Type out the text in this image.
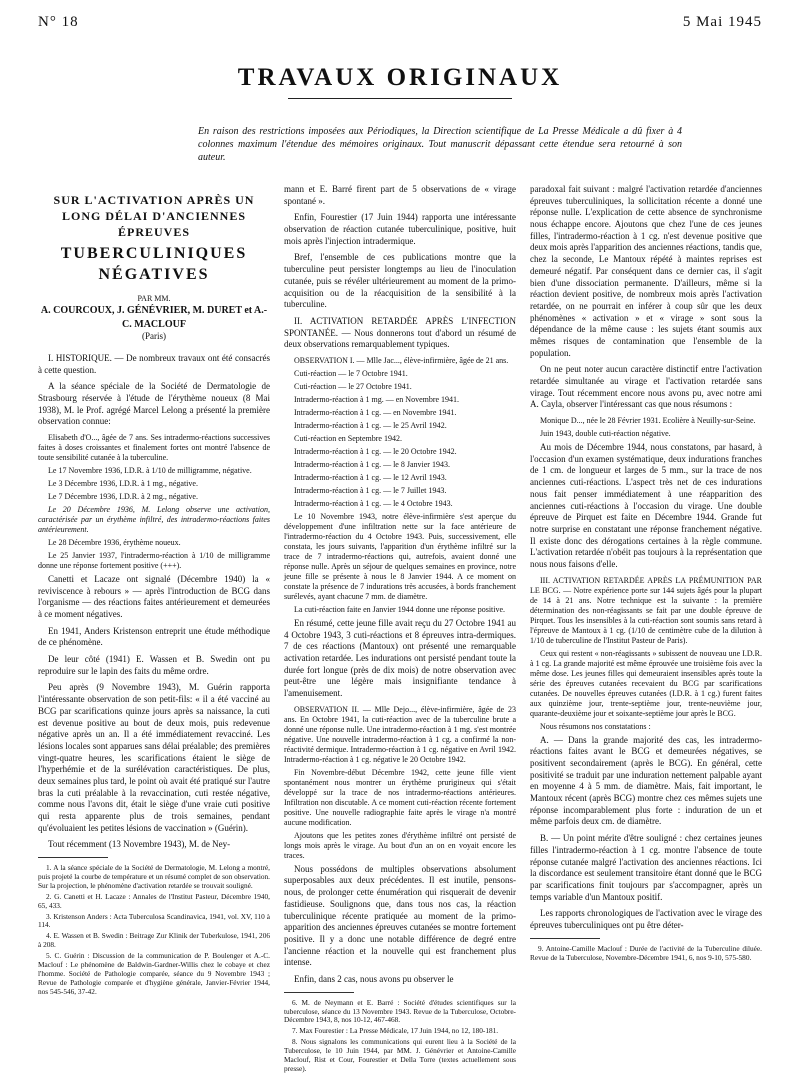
N° 18	5 Mai 1945
TRAVAUX ORIGINAUX
En raison des restrictions imposées aux Périodiques, la Direction scientifique de La Presse Médicale a dû fixer à 4 colonnes maximum l'étendue des mémoires originaux. Tout manuscrit dépassant cette étendue sera retourné à son auteur.
SUR L'ACTIVATION APRÈS UN LONG DÉLAI D'ANCIENNES ÉPREUVES
TUBERCULINIQUES NÉGATIVES
PAR MM.
A. COURCOUX, J. GÉNÉVRIER, M. DURET et A.-C. MACLOUF
(Paris)

I. HISTORIQUE. — De nombreux travaux ont été consacrés à cette question.

A la séance spéciale de la Société de Dermatologie de Strasbourg réservée à l'étude de l'érythème noueux (8 Mai 1938), M. le Prof. agrégé Marcel Lelong a présenté la première observation connue:

Elisabeth d'O..., âgée de 7 ans. Ses intradermo-réactions successives faites à doses croissantes et finalement fortes ont montré l'absence de toute sensibilité cutanée à la tuberculine.

Le 17 Novembre 1936, I.D.R. à 1/10 de milligramme, négative.

Le 3 Décembre 1936, I.D.R. à 1 mg., négative.

Le 7 Décembre 1936, I.D.R. à 2 mg., négative.

Le 20 Décembre 1936, M. Lelong observe une activation, caractérisée par un érythème infiltré, des intradermo-réactions faites antérieurement.

Le 28 Décembre 1936, érythème noueux.

Le 25 Janvier 1937, l'intradermo-réaction à 1/10 de milligramme donne une réponse fortement positive (+++).

Canetti et Lacaze ont signalé (Décembre 1940) la « reviviscence à rebours » — après l'introduction de BCG dans l'organisme — des réactions faites antérieurement et demeurées à ce moment négatives.

En 1941, Anders Kristenson entreprit une étude méthodique de ce phénomène.

De leur côté (1941) E. Wassen et B. Swedin ont pu reproduire sur le lapin des faits du même ordre.

Peu après (9 Novembre 1943), M. Guérin rapporta l'intéressante observation de son petit-fils: « il a été vacciné au BCG par scarifications quinze jours après sa naissance, la cuti est devenue positive au bout de deux mois, puis redevenue négative après un an. Il a été immédiatement revacciné. Les lésions locales sont apparues sans délai préalable; des premières vingt-quatre heures, les scarifications étaient le siège de l'hyperhémie et de la surélévation caractéristiques. De plus, deux semaines plus tard, le point où avait été pratiqué sur l'autre bras la cuti préalable à la revaccination, cuti restée négative, comme nous l'avons dit, était le siège d'une vraie cuti positive qui resta apparente plus de trois semaines, pendant qu'évoluaient les petites lésions de vaccination » (Guérin).

Tout récemment (13 Novembre 1943), M. de Ney-

1. A la séance spéciale de la Société de Dermatologie, M. Lelong a montré, puis projeté la courbe de température et un résumé complet de son observation. Sur la projection, le phénomène d'activation retardée se trouvait souligné.

2. G. Canetti et H. Lacaze : Annales de l'Institut Pasteur, Décembre 1940, 65, 433.

3. Kristenson Anders : Acta Tuberculosa Scandinavica, 1941, vol. XV, 110 à 114.

4. E. Wassen et B. Swedin : Beitrage Zur Klinik der Tuberkulose, 1941, 206 à 208.

5. C. Guérin : Discussion de la communication de P. Boulenger et A.-C. Maclouf : Le phénomène de Baldwin-Gardner-Willis chez le cobaye et chez l'homme. Société de Pathologie comparée, séance du 9 Novembre 1943 ; Revue de Pathologie comparée et d'hygiène générale, Janvier-Février 1944, nos 545-546, 37-42.

mann et E. Barré firent part de 5 observations de « virage spontané ».

Enfin, Fourestier (17 Juin 1944) rapporta une intéressante observation de réaction cutanée tuberculinique, positive, huit mois après l'injection intradermique.

Bref, l'ensemble de ces publications montre que la tuberculine peut persister longtemps au lieu de l'inoculation cutanée, puis se révéler ultérieurement au moment de la primo-acquisition ou de la réacquisition de la sensibilité à la tuberculine.

II. ACTIVATION RETARDÉE APRÈS L'INFECTION SPONTANÉE. — Nous donnerons tout d'abord un résumé de deux observations remarquablement typiques.

OBSERVATION I. — Mlle Jac..., élève-infirmière, âgée de 21 ans.

Cuti-réaction — le 7 Octobre 1941.

Cuti-réaction — le 27 Octobre 1941.

Intradermo-réaction à 1 mg. — en Novembre 1941.

Intradermo-réaction à 1 cg. — en Novembre 1941.

Intradermo-réaction à 1 cg. — le 25 Avril 1942.

Cuti-réaction en Septembre 1942.

Intradermo-réaction à 1 cg. — le 20 Octobre 1942.

Intradermo-réaction à 1 cg. — le 8 Janvier 1943.

Intradermo-réaction à 1 cg. — le 12 Avril 1943.

Intradermo-réaction à 1 cg. — le 7 Juillet 1943.

Intradermo-réaction à 1 cg. — le 4 Octobre 1943.

Le 10 Novembre 1943, notre élève-infirmière s'est aperçue du développement d'une infiltration nette sur la face antérieure de l'intradermo-réaction du 4 Octobre 1943. Puis, successivement, elle constata, les jours suivants, l'apparition d'un érythème infiltré sur la trace de 7 intradermo-réactions qui, autrefois, avaient donné une réponse nulle. Après un séjour de quelques semaines en province, notre jeune fille se présente à nous le 8 Janvier 1944. A ce moment on constate la présence de 7 indurations très accusées, à bords franchement surélevés, ayant chacune 7 mm. de diamètre.

La cuti-réaction faite en Janvier 1944 donne une réponse positive.

En résumé, cette jeune fille avait reçu du 27 Octobre 1941 au 4 Octobre 1943, 3 cuti-réactions et 8 épreuves intra-dermiques. 7 de ces réactions (Mantoux) ont présenté une remarquable activation retardée. Les indurations ont persisté pendant toute la durée fort longue (près de dix mois) de notre observation avec peut-être une légère mais insignifiante tendance à l'amenuisement.

OBSERVATION II. — Mlle Dejo..., élève-infirmière, âgée de 23 ans. En Octobre 1941, la cuti-réaction avec de la tuberculine brute a donné une réponse nulle. Une intradermo-réaction à 1 mg. s'est montrée négative. Une nouvelle intradermo-réaction à 1 cg. a confirmé la non-réactivité dermique. Intradermo-réaction à 1 cg. négative en Avril 1942. Intradermo-réaction à 1 cg. négative le 20 Octobre 1942.

Fin Novembre-début Décembre 1942, cette jeune fille vient spontanément nous montrer un érythème prurigineux qui s'était développé sur la trace de nos intradermo-réactions antérieures. Infiltration non discutable. A ce moment cuti-réaction récente fortement positive. Une nouvelle radiographie faite après le virage n'a montré aucune modification.

Ajoutons que les petites zones d'érythème infiltré ont persisté de longs mois après le virage. Au bout d'un an on en voyait encore les traces.

Nous possédons de multiples observations absolument superposables aux deux précédentes. Il est inutile, pensons-nous, de prolonger cette énumération qui risquerait de devenir fastidieuse. Soulignons que, dans tous nos cas, la réaction tuberculinique récente pratiquée au moment de la primo-apparition des anciennes épreuves cutanées se montre fortement positive. Il y a donc une notable différence de degré entre l'ancienne réaction et la nouvelle qui est franchement plus intense.

Enfin, dans 2 cas, nous avons pu observer le

6. M. de Neymann et E. Barré : Société d'études scientifiques sur la tuberculose, séance du 13 Novembre 1943. Revue de la Tuberculose, Octobre-Décembre 1943, 8, nos 10-12, 467-468.

7. Max Fourestier : La Presse Médicale, 17 Juin 1944, no 12, 180-181.

8. Nous signalons les communications qui eurent lieu à la Société de la Tuberculose, le 10 Juin 1944, par MM. J. Génévrier et Antoine-Camille Maclouf, Rist et Cour, Fourestier et Della Torre (textes actuellement sous presse).

paradoxal fait suivant : malgré l'activation retardée d'anciennes épreuves tuberculiniques, la sollicitation récente a donné une réponse nulle. L'explication de cette absence de synchronisme nous échappe encore. Ajoutons que chez l'une de ces jeunes filles, l'intradermo-réaction à 1 cg. n'est devenue positive que deux mois après l'apparition des anciennes réactions, tandis que, chez la seconde, Le Mantoux répété à maintes reprises est demeuré négatif. Par conséquent dans ce dernier cas, il s'agit bien d'une dissociation permanente. D'ailleurs, même si la réaction devient positive, de nombreux mois après l'activation retardée, on ne pourrait en inférer à coup sûr que les deux phénomènes « activation » et « virage » sont sous la dépendance de la même cause : les sujets étant soumis aux mêmes risques de contamination que l'ensemble de la population.

On ne peut noter aucun caractère distinctif entre l'activation retardée simultanée au virage et l'activation retardée sans virage. Tout récemment encore nous avons pu, avec notre ami A. Cayla, observer l'intéressant cas que nous résumons :

Monique D..., née le 28 Février 1931. Ecolière à Neuilly-sur-Seine.

Juin 1943, double cuti-réaction négative.

Au mois de Décembre 1944, nous constatons, par hasard, à l'occasion d'un examen systématique, deux indurations franches de 1 cm. de longueur et larges de 5 mm., sur la trace de nos anciennes cuti-réactions. L'aspect très net de ces indurations nous fait penser immédiatement à une réapparition des anciennes cuti-réactions à l'occasion du virage. Une double épreuve de Pirquet est faite en Décembre 1944. Grande fut notre surprise en constatant une réponse franchement négative. Il existe donc des dérogations certaines à la règle commune. L'activation retardée n'obéit pas toujours à la représentation que nous nous faisons d'elle.

III. ACTIVATION RETARDÉE APRÈS LA PRÉMUNITION PAR LE BCG. — Notre expérience porte sur 144 sujets âgés pour la plupart de 14 à 21 ans. Notre technique est la suivante : la première détermination des non-réagissants se fait par une double épreuve de Pirquet. Tous les insensibles à la cuti-réaction sont soumis sans retard à l'épreuve de Mantoux à 1 cg. (1/10 de centimètre cube de la dilution à 1/10 de tuberculine de l'Institut Pasteur de Paris).

Ceux qui restent « non-réagissants » subissent de nouveau une I.D.R. à 1 cg. La grande majorité est même éprouvée une troisième fois avec la même dose. Les jeunes filles qui demeuraient insensibles après toute la série des épreuves cutanées recevaient du BCG par scarifications cutanées. De nouvelles épreuves cutanées (I.D.R. à 1 cg.) furent faites aux quinzième jour, trente-septième jour, trente-neuvième jour, quarante-deuxième jour et soixante-septième jour après le BCG.

Nous résumons nos constatations :

A. — Dans la grande majorité des cas, les intradermo-réactions faites avant le BCG et demeurées négatives, se positivent secondairement (après le BCG). En général, cette positivité se traduit par une induration nettement palpable ayant en moyenne 4 à 5 mm. de diamètre. Mais, fait important, le Mantoux récent (après BCG) montre chez ces mêmes sujets une réponse incomparablement plus forte : induration de un et même parfois deux cm. de diamètre.

B. — Un point mérite d'être souligné : chez certaines jeunes filles l'intradermo-réaction à 1 cg. montre l'absence de toute réponse cutanée malgré l'activation des anciennes réactions. Ici la discordance est seulement transitoire étant donné que le BCG par scarifications finit toujours par s'accompagner, après un temps variable d'un Mantoux positif.

Les rapports chronologiques de l'activation avec le virage des épreuves tuberculiniques ont pu être déter-

9. Antoine-Camille Maclouf : Durée de l'activité de la Tuberculine diluée. Revue de la Tuberculose, Novembre-Décembre 1941, 6, nos 9-10, 575-580.
